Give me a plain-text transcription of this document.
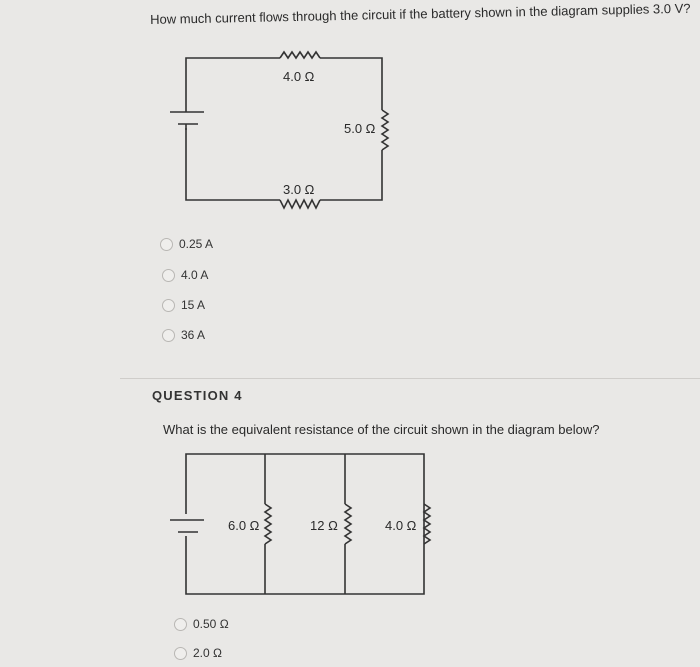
How much current flows through the circuit if the battery shown in the diagram supplies 3.0 V?
4.0 Ω
5.0 Ω
3.0 Ω
0.25 A
4.0 A
15 A
36 A
QUESTION 4
What is the equivalent resistance of the circuit shown in the diagram below?
6.0 Ω	12 Ω	4.0 Ω
0.50 Ω
2.0 Ω
